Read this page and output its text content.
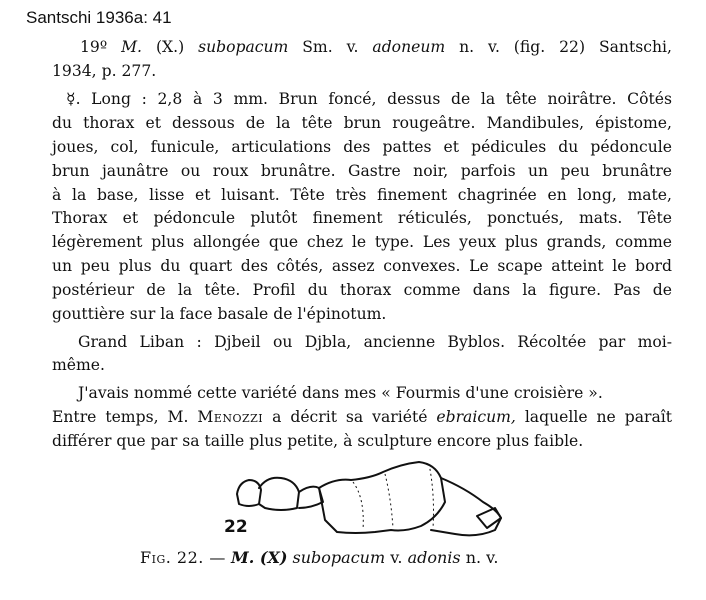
Santschi 1936a: 41
19º M. (X.) subopacum Sm. v. adoneum n. v. (fig. 22) Santschi,
1934, p. 277.
☿. Long : 2,8 à 3 mm. Brun foncé, dessus de la tête noirâtre. Côtés
du thorax et dessous de la tête brun rougeâtre. Mandibules, épistome,
joues, col, funicule, articulations des pattes et pédicules du pédoncule
brun jaunâtre ou roux brunâtre. Gastre noir, parfois un peu brunâtre
à la base, lisse et luisant. Tête très finement chagrinée en long, mate,
Thorax et pédoncule plutôt finement réticulés, ponctués, mats. Tête
légèrement plus allongée que chez le type. Les yeux plus grands, comme
un peu plus du quart des côtés, assez convexes. Le scape atteint le bord
postérieur de la tête. Profil du thorax comme dans la figure. Pas de
gouttière sur la face basale de l'épinotum.
Grand Liban : Djbeil ou Djbla, ancienne Byblos. Récoltée par moi-
même.
J'avais nommé cette variété dans mes « Fourmis d'une croisière ».
Entre temps, M. Menozzi a décrit sa variété ebraicum, laquelle ne paraît
différer que par sa taille plus petite, à sculpture encore plus faible.
22
Fig. 22. — M. (X) subopacum v. adonis n. v.
